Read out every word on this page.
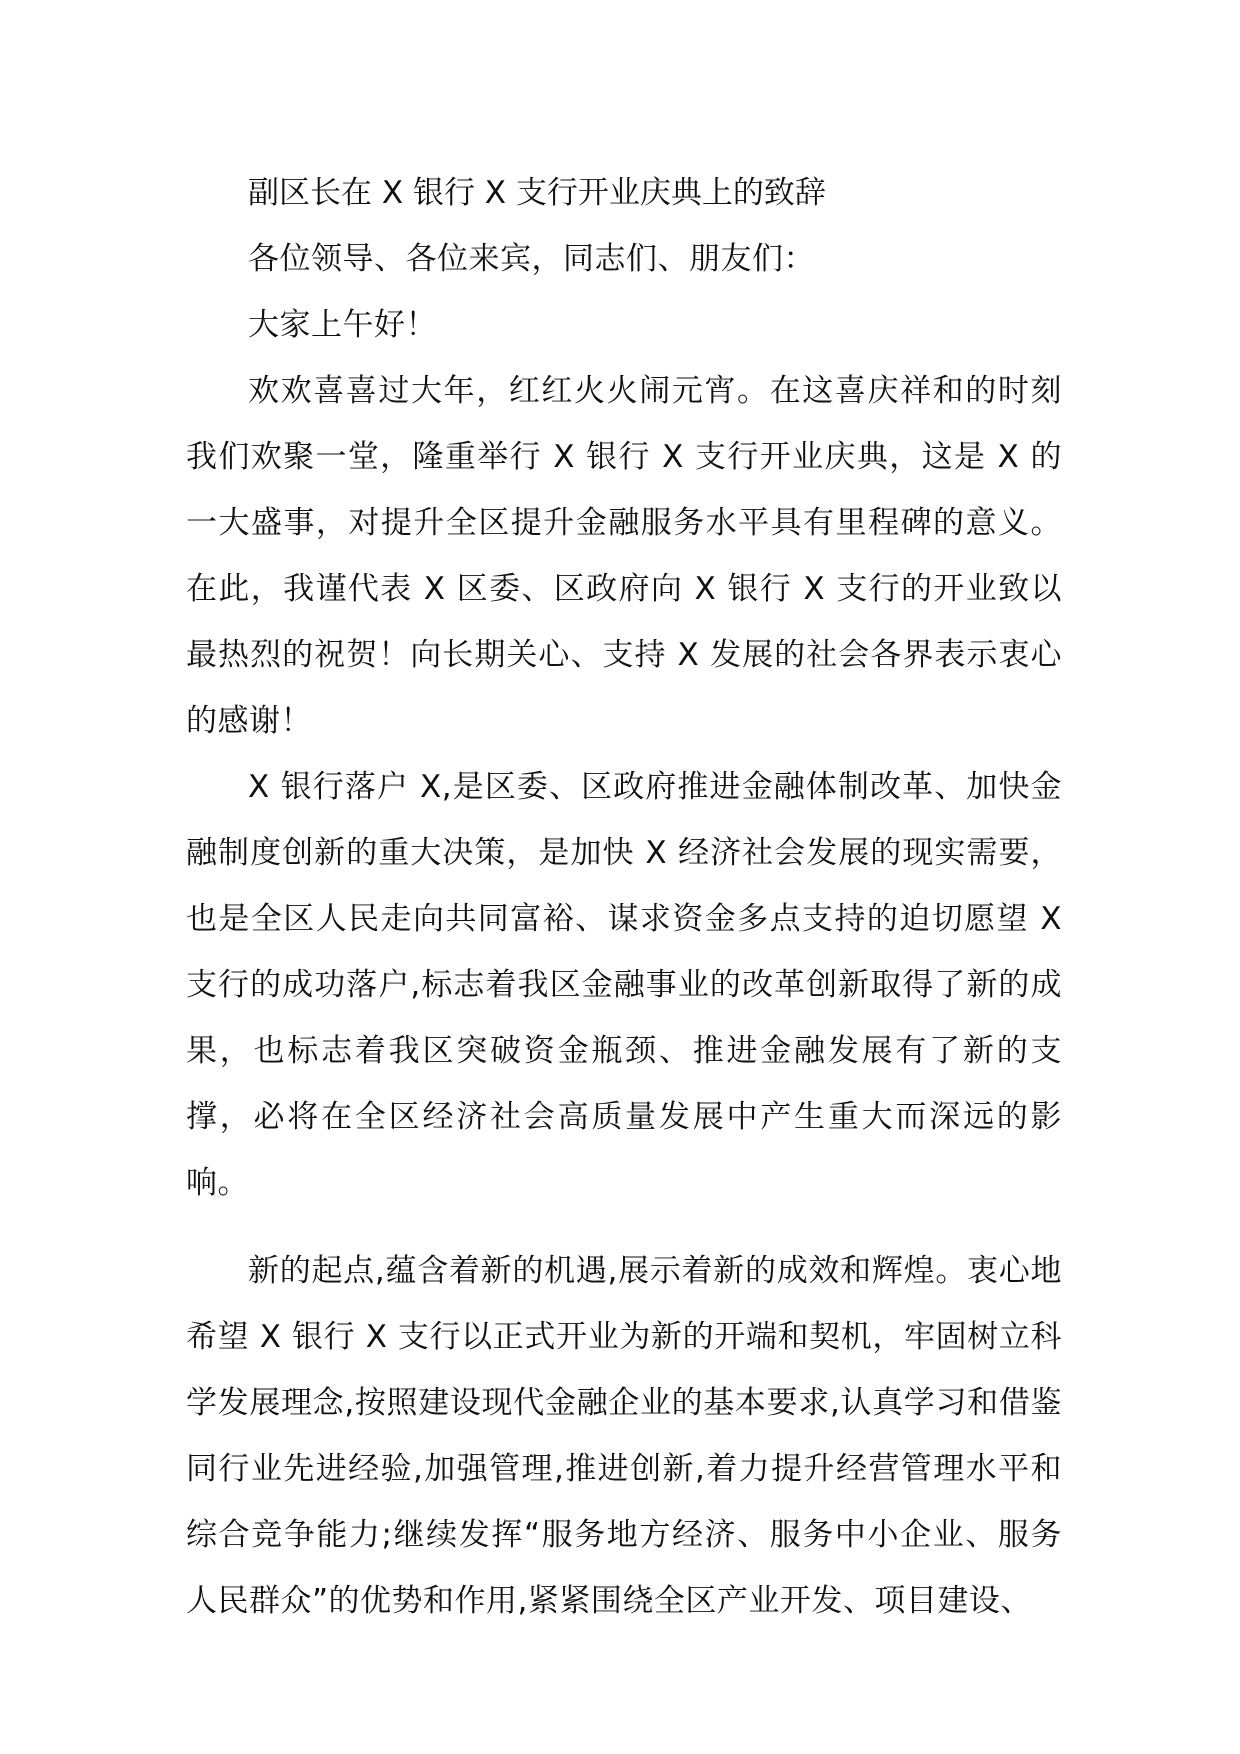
副区长在 X 银行 X 支行开业庆典上的致辞

各位领导、各位来宾，同志们、朋友们：

大家上午好！

欢欢喜喜过大年，红红火火闹元宵。在这喜庆祥和的时刻我们欢聚一堂，隆重举行 X 银行 X 支行开业庆典，这是 X 的一大盛事，对提升全区提升金融服务水平具有里程碑的意义。在此，我谨代表 X 区委、区政府向 X 银行 X 支行的开业致以最热烈的祝贺！向长期关心、支持 X 发展的社会各界表示衷心的感谢！

X 银行落户 X,是区委、区政府推进金融体制改革、加快金融制度创新的重大决策，是加快 X 经济社会发展的现实需要，也是全区人民走向共同富裕、谋求资金多点支持的迫切愿望 X 支行的成功落户,标志着我区金融事业的改革创新取得了新的成果，也标志着我区突破资金瓶颈、推进金融发展有了新的支撑，必将在全区经济社会高质量发展中产生重大而深远的影响。

新的起点,蕴含着新的机遇,展示着新的成效和辉煌。衷心地希望 X 银行 X 支行以正式开业为新的开端和契机，牢固树立科学发展理念,按照建设现代金融企业的基本要求,认真学习和借鉴同行业先进经验,加强管理,推进创新,着力提升经营管理水平和综合竞争能力;继续发挥“服务地方经济、服务中小企业、服务人民群众”的优势和作用,紧紧围绕全区产业开发、项目建设、
